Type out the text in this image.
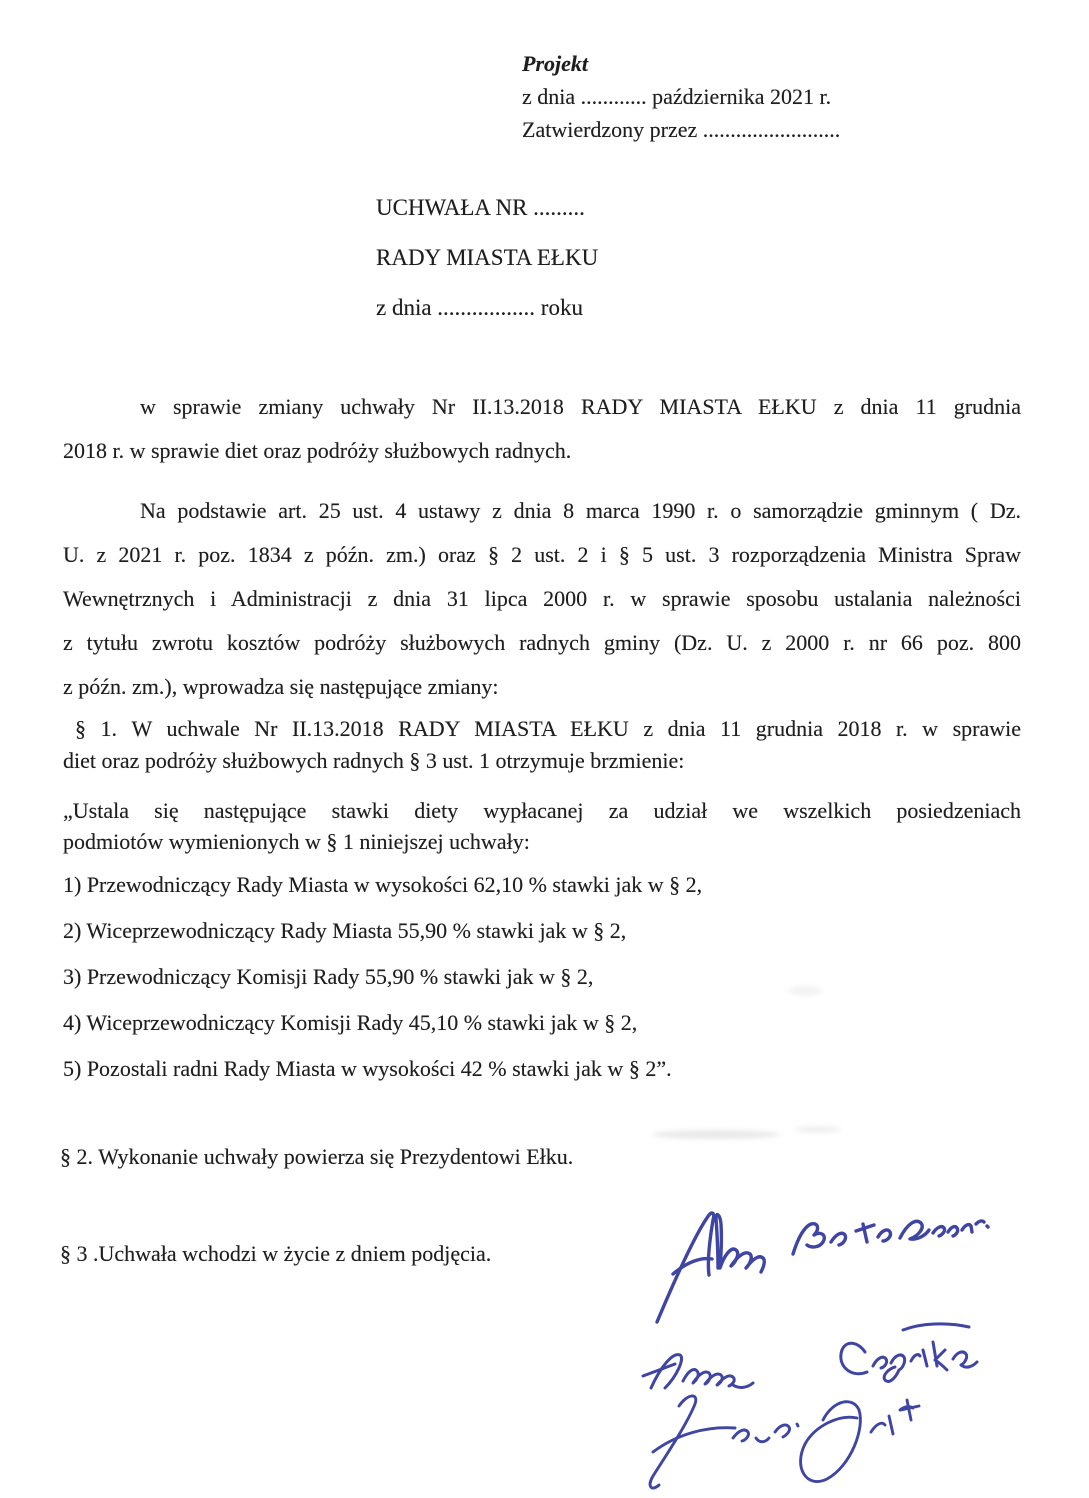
Projekt
z dnia ............ października 2021 r.
Zatwierdzony przez .........................
UCHWAŁA NR .........
RADY MIASTA EŁKU
z dnia ................. roku
w sprawie zmiany uchwały Nr II.13.2018 RADY MIASTA EŁKU z dnia 11 grudnia
2018 r. w sprawie diet oraz podróży służbowych radnych.
Na podstawie art. 25 ust. 4 ustawy z dnia 8 marca 1990 r. o samorządzie gminnym ( Dz.
U. z 2021 r. poz. 1834 z późn. zm.) oraz § 2 ust. 2 i § 5 ust. 3 rozporządzenia Ministra Spraw
Wewnętrznych i Administracji z dnia 31 lipca 2000 r. w sprawie sposobu ustalania należności
z tytułu zwrotu kosztów podróży służbowych radnych gminy (Dz. U. z 2000 r. nr 66 poz. 800
z późn. zm.), wprowadza się następujące zmiany:
§ 1. W uchwale Nr II.13.2018 RADY MIASTA EŁKU z dnia 11 grudnia 2018 r. w sprawie
diet oraz podróży służbowych radnych § 3 ust. 1 otrzymuje brzmienie:
„Ustala się następujące stawki diety wypłacanej za udział we wszelkich posiedzeniach
podmiotów wymienionych w § 1 niniejszej uchwały:
1) Przewodniczący Rady Miasta w wysokości 62,10 % stawki jak w § 2,
2) Wiceprzewodniczący Rady Miasta 55,90 % stawki jak w § 2,
3) Przewodniczący Komisji Rady 55,90 % stawki jak w § 2,
4) Wiceprzewodniczący Komisji Rady 45,10 % stawki jak w § 2,
5) Pozostali radni Rady Miasta w wysokości 42 % stawki jak w § 2”.
§ 2. Wykonanie uchwały powierza się Prezydentowi Ełku.
§ 3 .Uchwała wchodzi w życie z dniem podjęcia.
